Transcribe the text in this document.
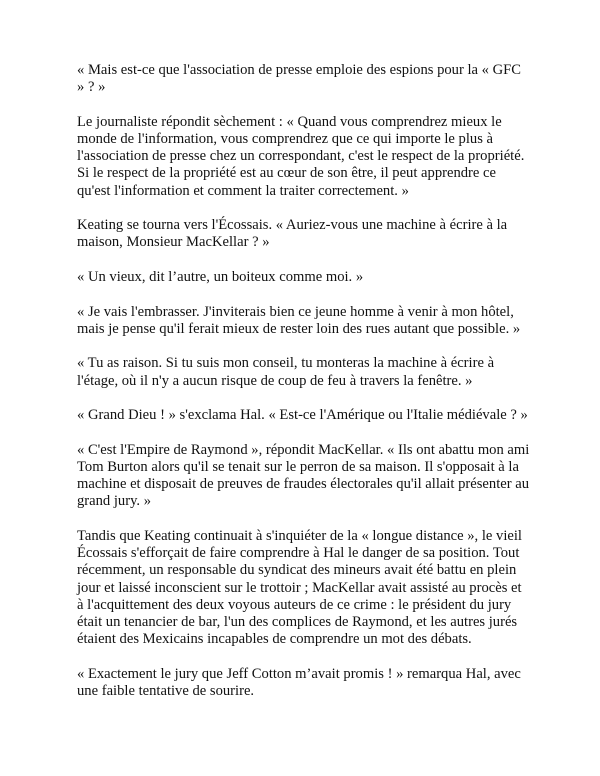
« Mais est-ce que l'association de presse emploie des espions pour la « GFC » ? »

Le journaliste répondit sèchement : « Quand vous comprendrez mieux le monde de l'information, vous comprendrez que ce qui importe le plus à l'association de presse chez un correspondant, c'est le respect de la propriété. Si le respect de la propriété est au cœur de son être, il peut apprendre ce qu'est l'information et comment la traiter correctement. »

Keating se tourna vers l'Écossais. « Auriez-vous une machine à écrire à la maison, Monsieur MacKellar ? »

« Un vieux, dit l’autre, un boiteux comme moi. »

« Je vais l'embrasser. J'inviterais bien ce jeune homme à venir à mon hôtel, mais je pense qu'il ferait mieux de rester loin des rues autant que possible. »

« Tu as raison. Si tu suis mon conseil, tu monteras la machine à écrire à l'étage, où il n'y a aucun risque de coup de feu à travers la fenêtre. »

« Grand Dieu ! » s'exclama Hal. « Est-ce l'Amérique ou l'Italie médiévale ? »

« C'est l'Empire de Raymond », répondit MacKellar. « Ils ont abattu mon ami Tom Burton alors qu'il se tenait sur le perron de sa maison. Il s'opposait à la machine et disposait de preuves de fraudes électorales qu'il allait présenter au grand jury. »

Tandis que Keating continuait à s'inquiéter de la « longue distance », le vieil Écossais s'efforçait de faire comprendre à Hal le danger de sa position. Tout récemment, un responsable du syndicat des mineurs avait été battu en plein jour et laissé inconscient sur le trottoir ; MacKellar avait assisté au procès et à l'acquittement des deux voyous auteurs de ce crime : le président du jury était un tenancier de bar, l'un des complices de Raymond, et les autres jurés étaient des Mexicains incapables de comprendre un mot des débats.

« Exactement le jury que Jeff Cotton m’avait promis ! » remarqua Hal, avec une faible tentative de sourire.
